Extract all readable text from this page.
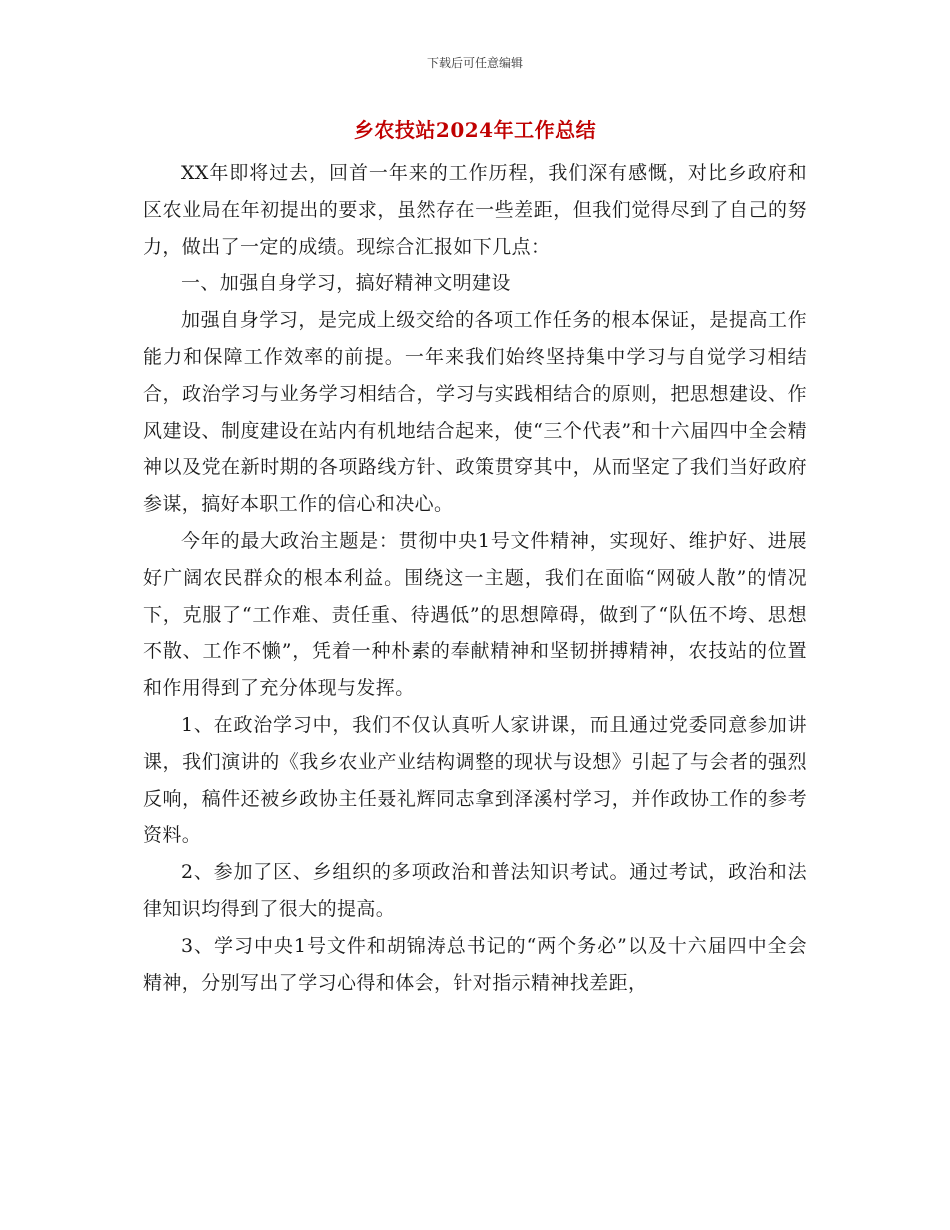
下载后可任意编辑
乡农技站2024年工作总结

XX年即将过去，回首一年来的工作历程，我们深有感慨，对比乡政府和区农业局在年初提出的要求，虽然存在一些差距，但我们觉得尽到了自己的努力，做出了一定的成绩。现综合汇报如下几点：

一、加强自身学习，搞好精神文明建设

加强自身学习，是完成上级交给的各项工作任务的根本保证，是提高工作能力和保障工作效率的前提。一年来我们始终坚持集中学习与自觉学习相结合，政治学习与业务学习相结合，学习与实践相结合的原则，把思想建设、作风建设、制度建设在站内有机地结合起来，使“三个代表”和十六届四中全会精神以及党在新时期的各项路线方针、政策贯穿其中，从而坚定了我们当好政府参谋，搞好本职工作的信心和决心。

今年的最大政治主题是：贯彻中央1号文件精神，实现好、维护好、进展好广阔农民群众的根本利益。围绕这一主题，我们在面临“网破人散”的情况下，克服了“工作难、责任重、待遇低”的思想障碍，做到了“队伍不垮、思想不散、工作不懒”，凭着一种朴素的奉献精神和坚韧拼搏精神，农技站的位置和作用得到了充分体现与发挥。

1、在政治学习中，我们不仅认真听人家讲课，而且通过党委同意参加讲课，我们演讲的《我乡农业产业结构调整的现状与设想》引起了与会者的强烈反响，稿件还被乡政协主任聂礼辉同志拿到泽溪村学习，并作政协工作的参考资料。

2、参加了区、乡组织的多项政治和普法知识考试。通过考试，政治和法律知识均得到了很大的提高。

3、学习中央1号文件和胡锦涛总书记的“两个务必”以及十六届四中全会精神，分别写出了学习心得和体会，针对指示精神找差距，
